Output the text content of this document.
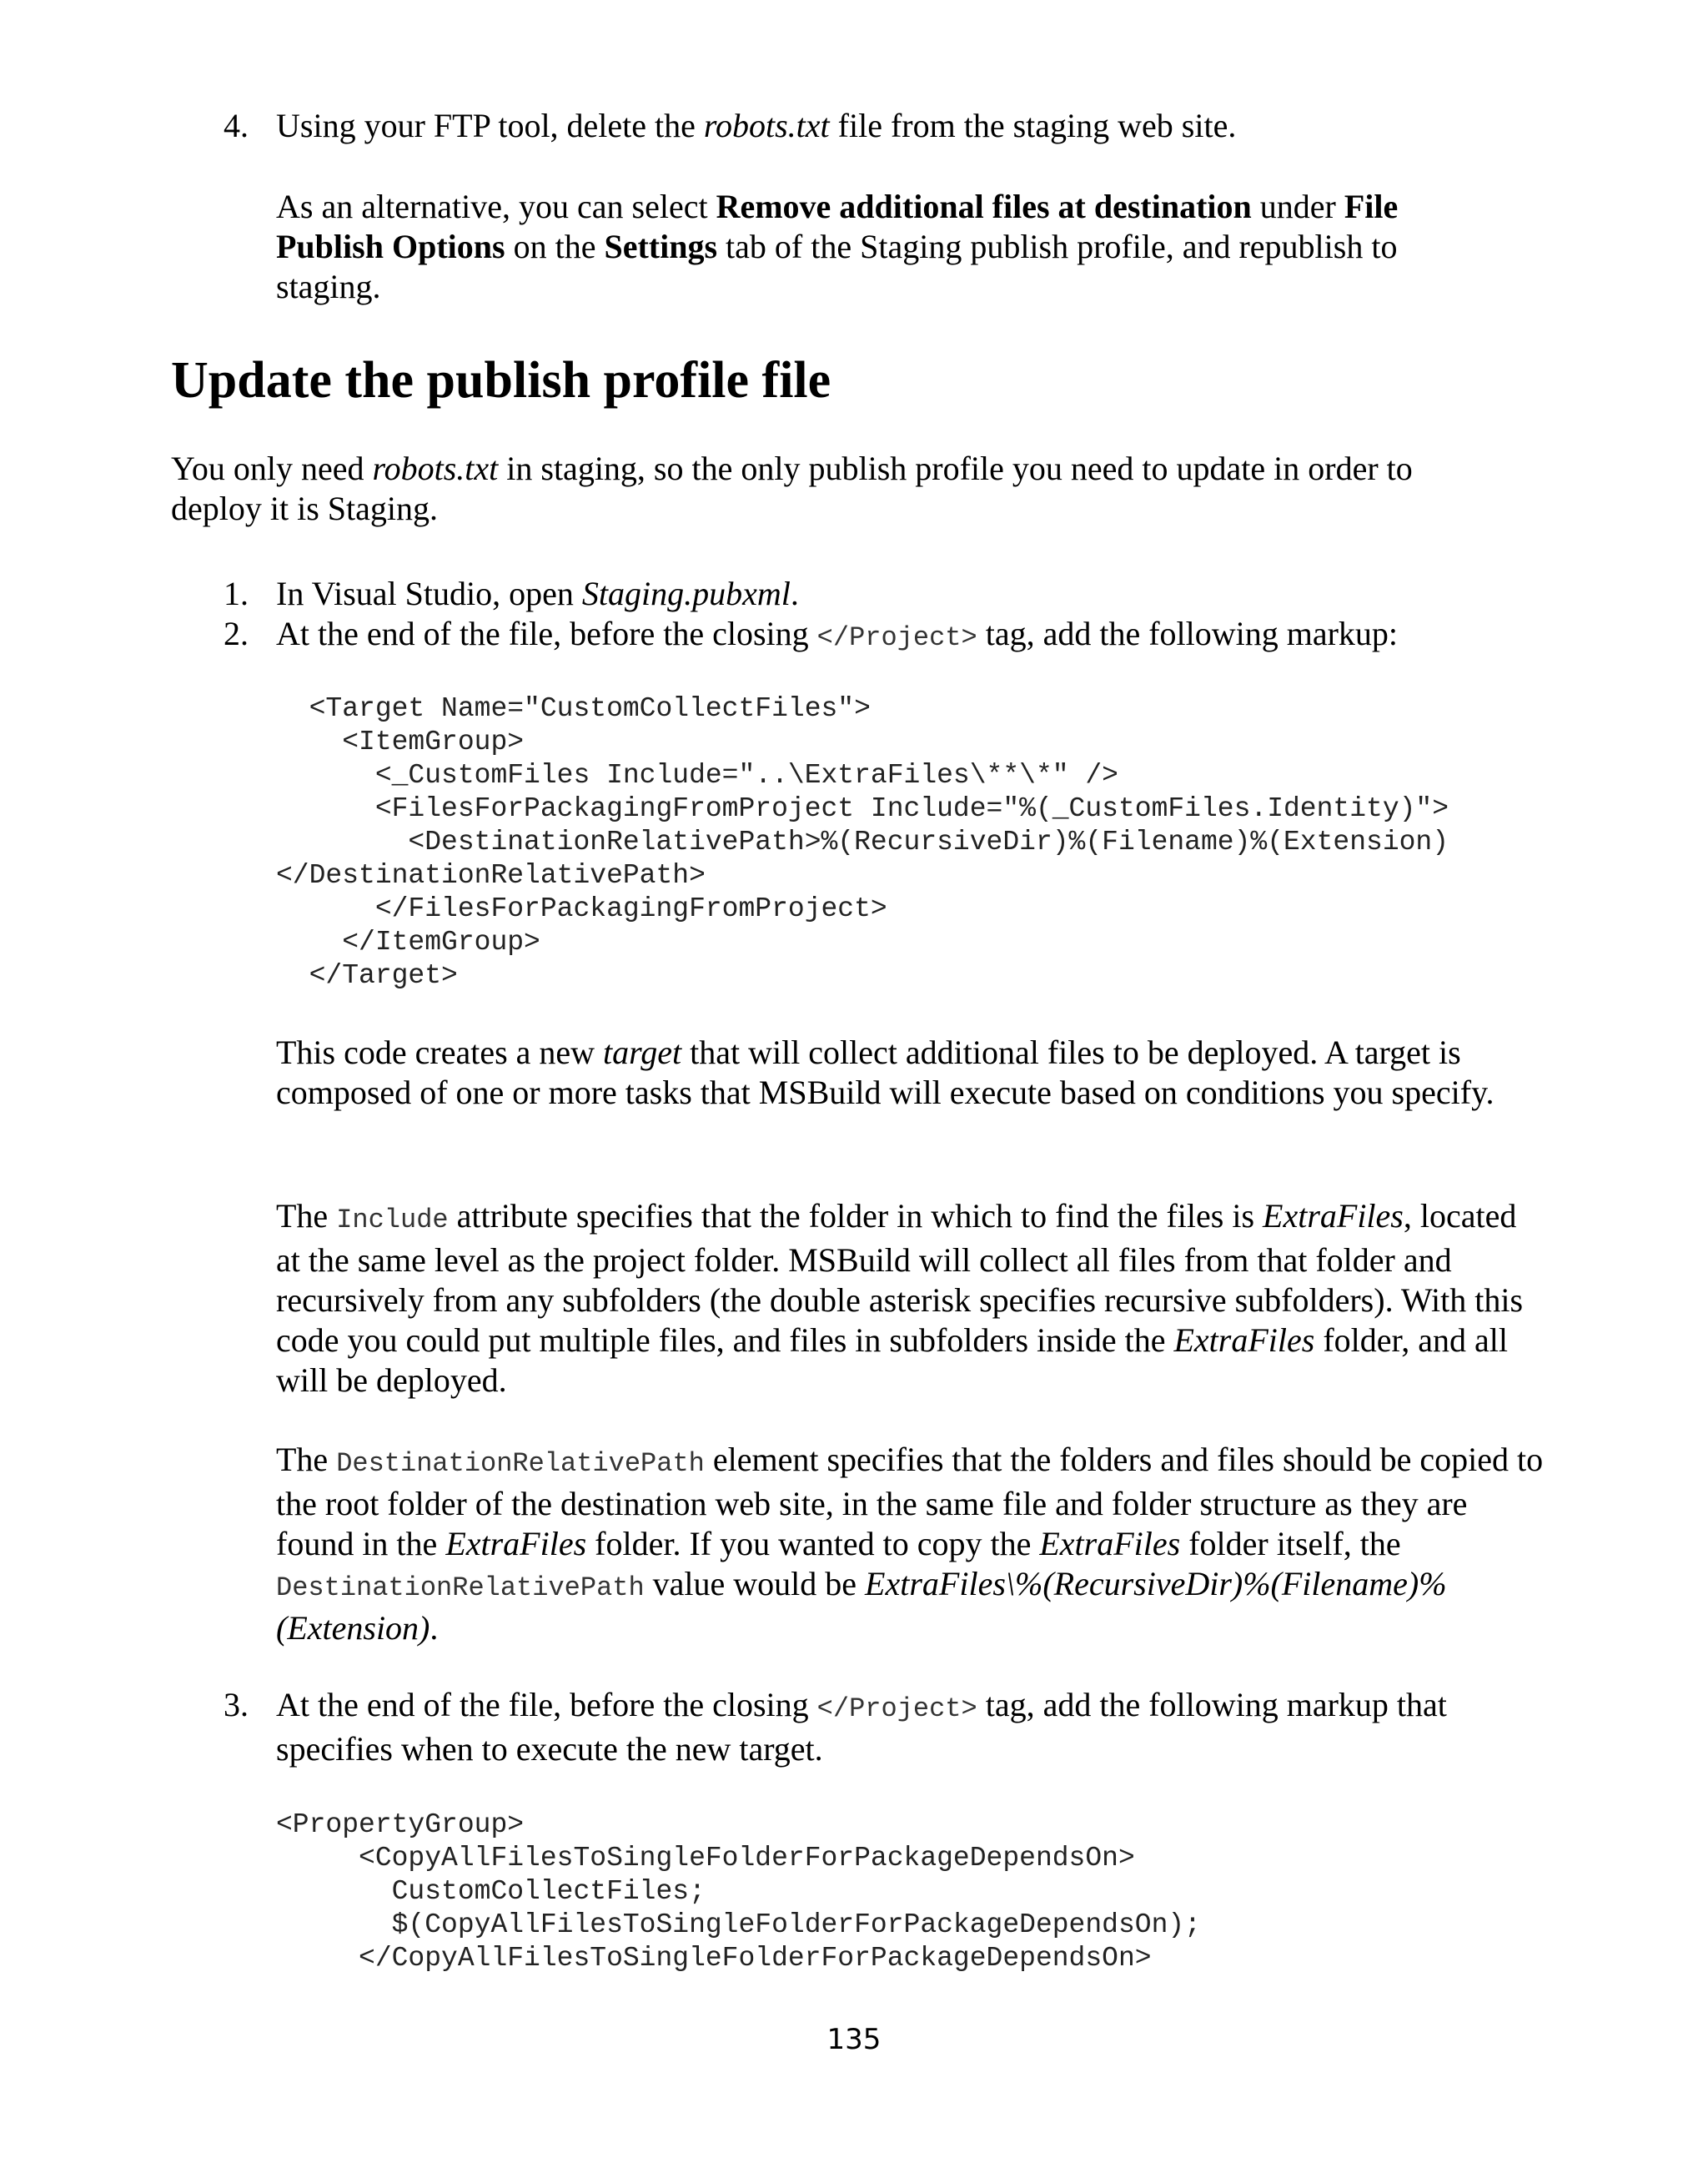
4. Using your FTP tool, delete the robots.txt file from the staging web site.

As an alternative, you can select Remove additional files at destination under File Publish Options on the Settings tab of the Staging publish profile, and republish to staging.

Update the publish profile file

You only need robots.txt in staging, so the only publish profile you need to update in order to deploy it is Staging.

1. In Visual Studio, open Staging.pubxml.

2. At the end of the file, before the closing </Project> tag, add the following markup:

<Target Name="CustomCollectFiles">
<ItemGroup>
<_CustomFiles Include="..\ExtraFiles\**\*" />
<FilesForPackagingFromProject Include="%(_CustomFiles.Identity)">
<DestinationRelativePath>%(RecursiveDir)%(Filename)%(Extension)
</DestinationRelativePath>
</FilesForPackagingFromProject>
</ItemGroup>
</Target>

This code creates a new target that will collect additional files to be deployed. A target is composed of one or more tasks that MSBuild will execute based on conditions you specify.

The Include attribute specifies that the folder in which to find the files is ExtraFiles, located at the same level as the project folder. MSBuild will collect all files from that folder and recursively from any subfolders (the double asterisk specifies recursive subfolders). With this code you could put multiple files, and files in subfolders inside the ExtraFiles folder, and all will be deployed.

The DestinationRelativePath element specifies that the folders and files should be copied to the root folder of the destination web site, in the same file and folder structure as they are found in the ExtraFiles folder. If you wanted to copy the ExtraFiles folder itself, the DestinationRelativePath value would be ExtraFiles\%(RecursiveDir)%(Filename)%(Extension).

3. At the end of the file, before the closing </Project> tag, add the following markup that specifies when to execute the new target.

<PropertyGroup>
<CopyAllFilesToSingleFolderForPackageDependsOn>
CustomCollectFiles;
$(CopyAllFilesToSingleFolderForPackageDependsOn);
</CopyAllFilesToSingleFolderForPackageDependsOn>
135
